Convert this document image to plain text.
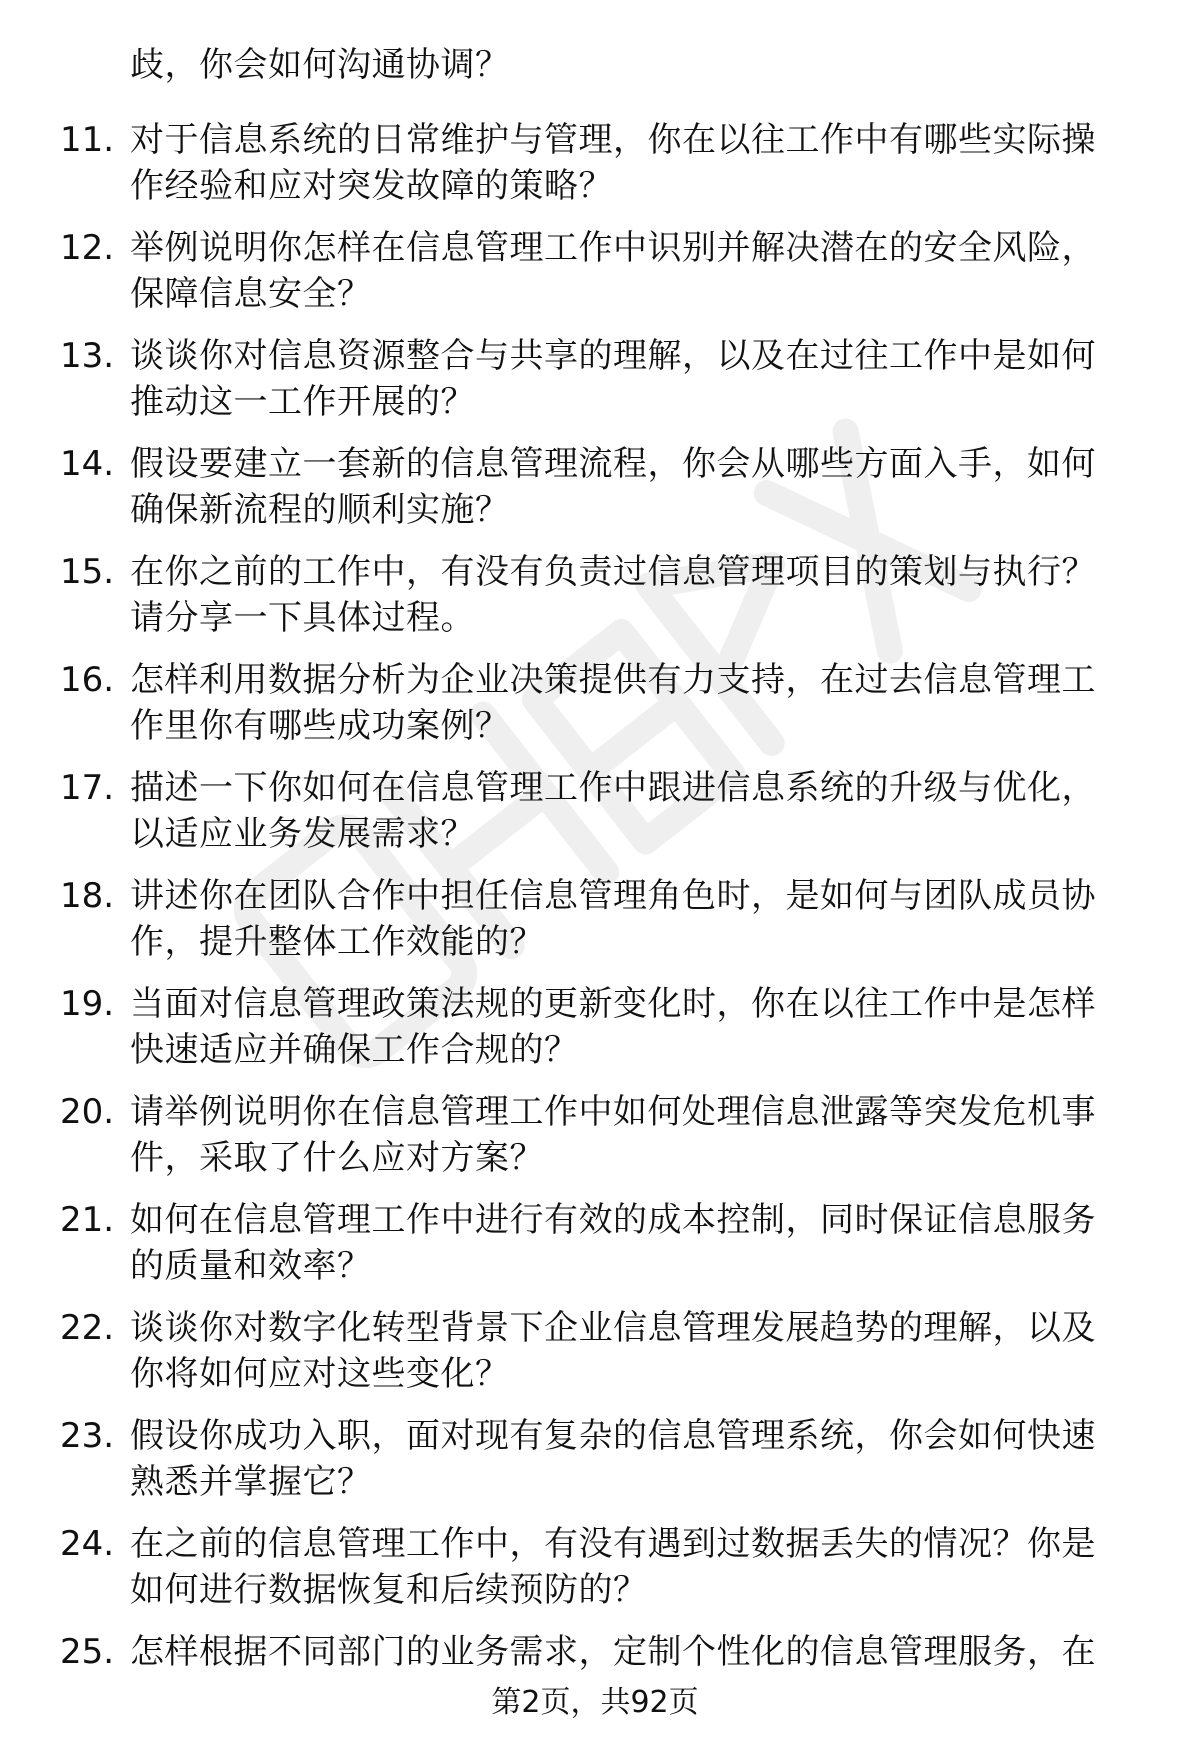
歧，你会如何沟通协调？
11. 对于信息系统的日常维护与管理，你在以往工作中有哪些实际操
作经验和应对突发故障的策略？
12. 举例说明你怎样在信息管理工作中识别并解决潜在的安全风险，
保障信息安全？
13. 谈谈你对信息资源整合与共享的理解，以及在过往工作中是如何
推动这一工作开展的？
14. 假设要建立一套新的信息管理流程，你会从哪些方面入手，如何
确保新流程的顺利实施？
15. 在你之前的工作中，有没有负责过信息管理项目的策划与执行？
请分享一下具体过程。
16. 怎样利用数据分析为企业决策提供有力支持，在过去信息管理工
作里你有哪些成功案例？
17. 描述一下你如何在信息管理工作中跟进信息系统的升级与优化，
以适应业务发展需求？
18. 讲述你在团队合作中担任信息管理角色时，是如何与团队成员协
作，提升整体工作效能的？
19. 当面对信息管理政策法规的更新变化时，你在以往工作中是怎样
快速适应并确保工作合规的？
20. 请举例说明你在信息管理工作中如何处理信息泄露等突发危机事
件，采取了什么应对方案？
21. 如何在信息管理工作中进行有效的成本控制，同时保证信息服务
的质量和效率？
22. 谈谈你对数字化转型背景下企业信息管理发展趋势的理解，以及
你将如何应对这些变化？
23. 假设你成功入职，面对现有复杂的信息管理系统，你会如何快速
熟悉并掌握它？
24. 在之前的信息管理工作中，有没有遇到过数据丢失的情况？你是
如何进行数据恢复和后续预防的？
25. 怎样根据不同部门的业务需求，定制个性化的信息管理服务，在
第2页，共92页
